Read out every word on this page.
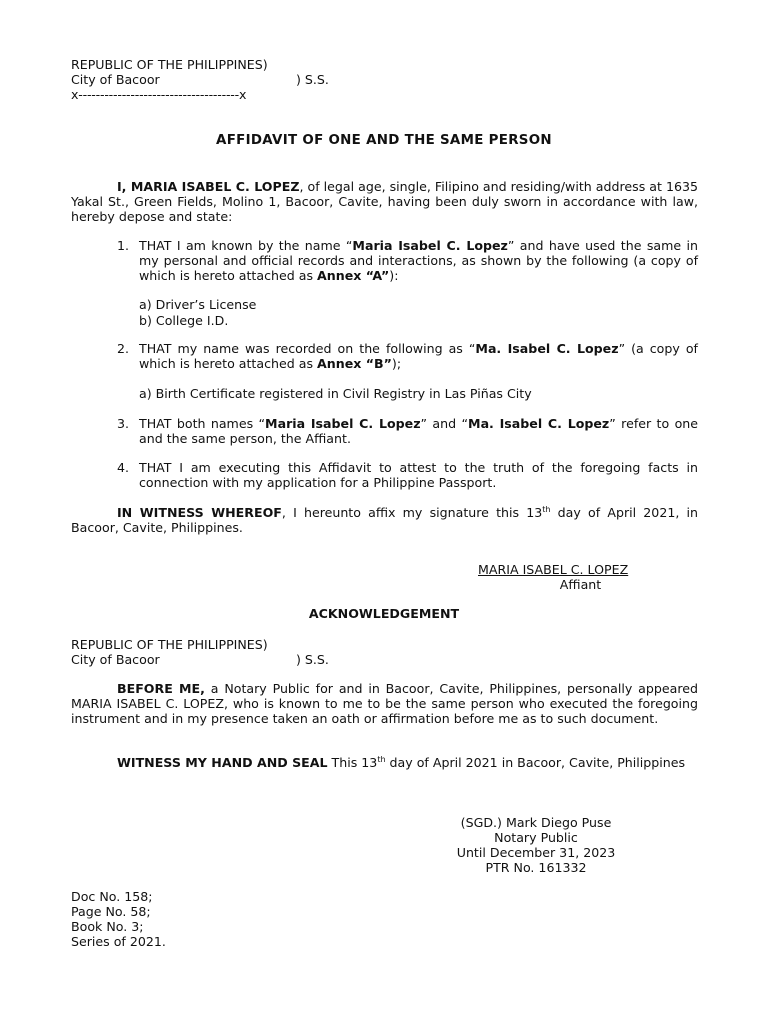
REPUBLIC OF THE PHILIPPINES)
City of Bacoor	) S.S.
x-------------------------------------x
AFFIDAVIT OF ONE AND THE SAME PERSON
I, MARIA ISABEL C. LOPEZ, of legal age, single, Filipino and residing/with address at 1635 Yakal St., Green Fields, Molino 1, Bacoor, Cavite, having been duly sworn in accordance with law, hereby depose and state:
1. THAT I am known by the name “Maria Isabel C. Lopez” and have used the same in my personal and official records and interactions, as shown by the following (a copy of which is hereto attached as Annex “A”):
a) Driver’s License
b) College I.D.
2. THAT my name was recorded on the following as “Ma. Isabel C. Lopez” (a copy of which is hereto attached as Annex “B”);
a) Birth Certificate registered in Civil Registry in Las Piñas City
3. THAT both names “Maria Isabel C. Lopez” and “Ma. Isabel C. Lopez” refer to one and the same person, the Affiant.
4. THAT I am executing this Affidavit to attest to the truth of the foregoing facts in connection with my application for a Philippine Passport.
IN WITNESS WHEREOF, I hereunto affix my signature this 13th day of April 2021, in Bacoor, Cavite, Philippines.
MARIA ISABEL C. LOPEZ
Affiant
ACKNOWLEDGEMENT
REPUBLIC OF THE PHILIPPINES)
City of Bacoor	) S.S.
BEFORE ME, a Notary Public for and in Bacoor, Cavite, Philippines, personally appeared MARIA ISABEL C. LOPEZ, who is known to me to be the same person who executed the foregoing instrument and in my presence taken an oath or affirmation before me as to such document.
WITNESS MY HAND AND SEAL This 13th day of April 2021 in Bacoor, Cavite, Philippines
(SGD.) Mark Diego Puse
Notary Public
Until December 31, 2023
PTR No. 161332
Doc No. 158;
Page No. 58;
Book No. 3;
Series of 2021.
